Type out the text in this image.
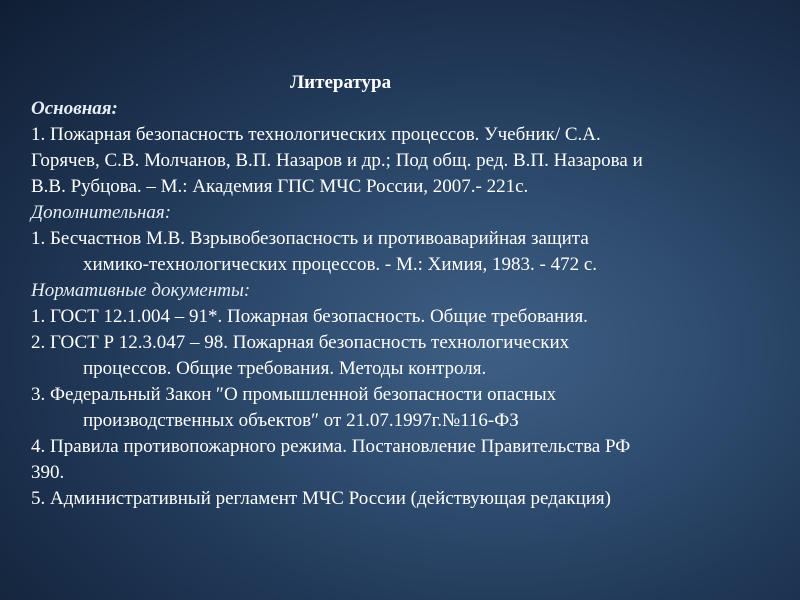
Литература

Основная:

1. Пожарная безопасность технологических процессов. Учебник/ С.А.
Горячев, С.В. Молчанов, В.П. Назаров и др.; Под общ. ред. В.П. Назарова и
В.В. Рубцова. – М.: Академия ГПС МЧС России, 2007.- 221с.

Дополнительная:

1. Бесчастнов М.В. Взрывобезопасность и противоаварийная защита
химико-технологических процессов. - М.: Химия, 1983. - 472 с.

Нормативные документы:

1. ГОСТ 12.1.004 – 91*. Пожарная безопасность. Общие требования.

2. ГОСТ Р 12.3.047 – 98. Пожарная безопасность технологических
процессов. Общие требования. Методы контроля.

3. Федеральный Закон ″О промышленной безопасности опасных
производственных объектов″ от 21.07.1997г.№116-ФЗ

4. Правила противопожарного режима. Постановление Правительства РФ
390.

5. Административный регламент МЧС России (действующая редакция)
